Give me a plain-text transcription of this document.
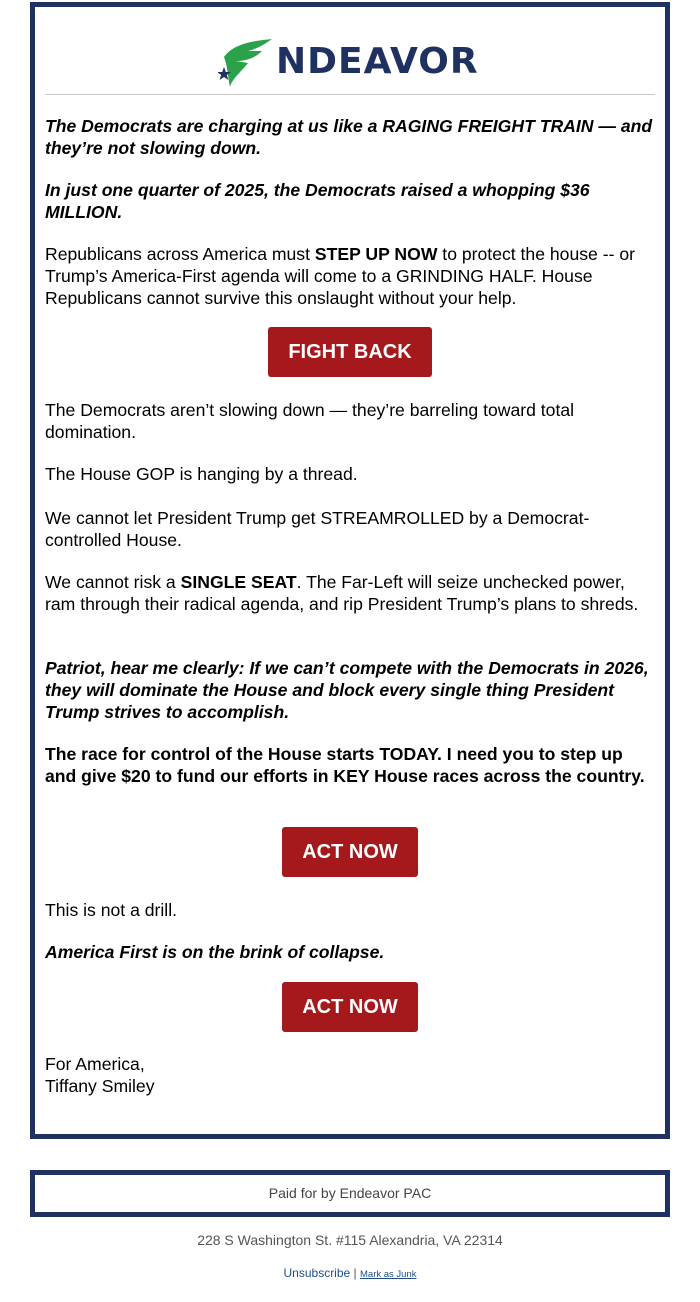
NDEAVOR
The Democrats are charging at us like a RAGING FREIGHT TRAIN — and they’re not slowing down.
In just one quarter of 2025, the Democrats raised a whopping $36 MILLION.
Republicans across America must STEP UP NOW to protect the house -- or Trump’s America-First agenda will come to a GRINDING HALF. House Republicans cannot survive this onslaught without your help.
FIGHT BACK
The Democrats aren’t slowing down — they’re barreling toward total domination.
The House GOP is hanging by a thread.
We cannot let President Trump get STREAMROLLED by a Democrat-controlled House.
We cannot risk a SINGLE SEAT. The Far-Left will seize unchecked power, ram through their radical agenda, and rip President Trump’s plans to shreds.
Patriot, hear me clearly: If we can’t compete with the Democrats in 2026, they will dominate the House and block every single thing President Trump strives to accomplish.
The race for control of the House starts TODAY. I need you to step up and give $20 to fund our efforts in KEY House races across the country.
ACT NOW
This is not a drill.
America First is on the brink of collapse.
ACT NOW
For America,
Tiffany Smiley
Paid for by Endeavor PAC
228 S Washington St. #115 Alexandria, VA 22314
Unsubscribe | Mark as Junk
